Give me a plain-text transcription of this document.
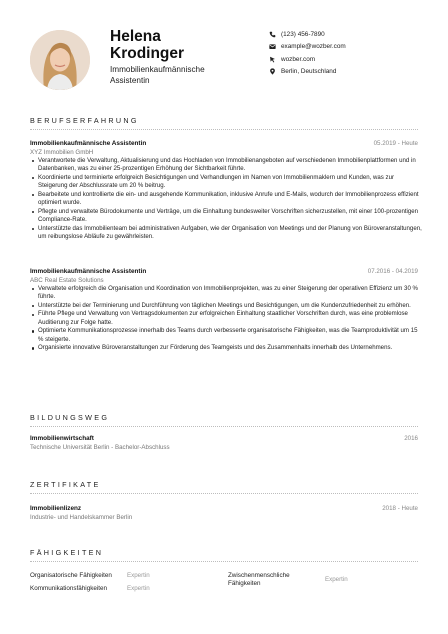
Helena
Krodinger
Immobilienkaufmännische Assistentin
(123) 456-7890
example@wozber.com
wozber.com
Berlin, Deutschland
BERUFSERFAHRUNG
Immobilienkaufmännische Assistentin	05.2019 - Heute
XYZ Immobilien GmbH
Verantwortete die Verwaltung, Aktualisierung und das Hochladen von Immobilienangeboten auf verschiedenen Immobilienplattformen und in Datenbanken, was zu einer 25-prozentigen Erhöhung der Sichtbarkeit führte.
Koordinierte und terminierte erfolgreich Besichtigungen und Verhandlungen im Namen von Immobilienmaklern und Kunden, was zur Steigerung der Abschlussrate um 20 % beitrug.
Bearbeitete und kontrollierte die ein- und ausgehende Kommunikation, inklusive Anrufe und E-Mails, wodurch der Immobilienprozess effizient optimiert wurde.
Pflegte und verwaltete Bürodokumente und Verträge, um die Einhaltung bundesweiter Vorschriften sicherzustellen, mit einer 100-prozentigen Compliance-Rate.
Unterstützte das Immobilienteam bei administrativen Aufgaben, wie der Organisation von Meetings und der Planung von Büroveranstaltungen, um reibungslose Abläufe zu gewährleisten.
Immobilienkaufmännische Assistentin	07.2016 - 04.2019
ABC Real Estate Solutions
Verwaltete erfolgreich die Organisation und Koordination von Immobilienprojekten, was zu einer Steigerung der operativen Effizienz um 30 % führte.
Unterstützte bei der Terminierung und Durchführung von täglichen Meetings und Besichtigungen, um die Kundenzufriedenheit zu erhöhen.
Führte Pflege und Verwaltung von Vertragsdokumenten zur erfolgreichen Einhaltung staatlicher Vorschriften durch, was eine problemlose Auditierung zur Folge hatte.
Optimierte Kommunikationsprozesse innerhalb des Teams durch verbesserte organisatorische Fähigkeiten, was die Teamproduktivität um 15 % steigerte.
Organisierte innovative Büroveranstaltungen zur Förderung des Teamgeists und des Zusammenhalts innerhalb des Unternehmens.
BILDUNGSWEG
Immobilienwirtschaft	2016
Technische Universität Berlin - Bachelor-Abschluss
ZERTIFIKATE
Immobilienlizenz	2018 - Heute
Industrie- und Handelskammer Berlin
FÄHIGKEITEN
Organisatorische Fähigkeiten Expertin
Kommunikationsfähigkeiten	Expertin
Zwischenmenschliche Fähigkeiten
Expertin
